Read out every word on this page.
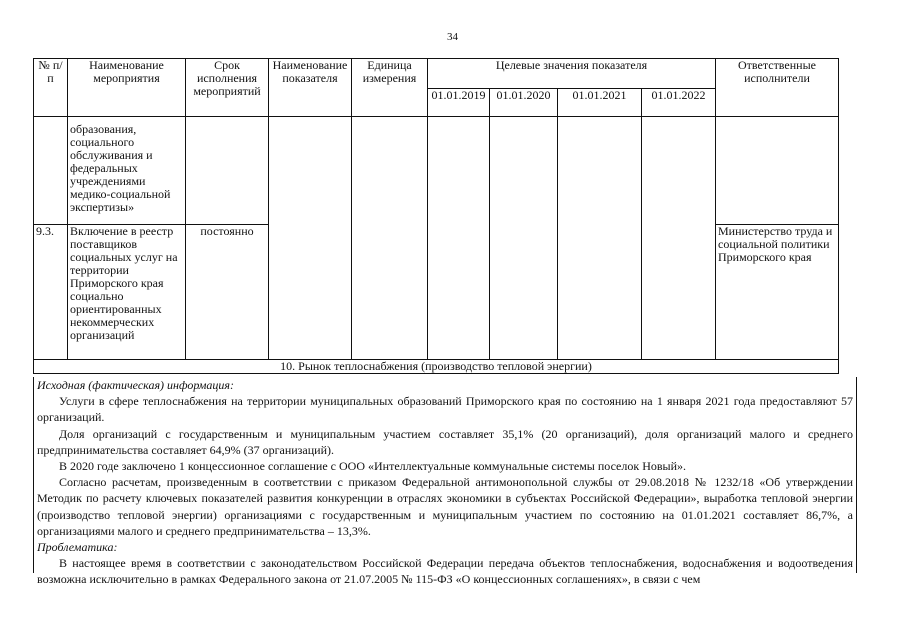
34
№ п/п	Наименование мероприятия	Срок исполнения мероприятий	Наименование показателя	Единица измерения	Целевые значения показателя				Ответственные исполнители
					01.01.2019	01.01.2020	01.01.2021	01.01.2022	
	образования, социального обслуживания и федеральных учреждениями медико-социальной экспертизы»								
9.3.	Включение в реестр поставщиков социальных услуг на территории Приморского края социально ориентированных некоммерческих организаций	постоянно							Министерство труда и социальной политики Приморского края
10. Рынок теплоснабжения (производство тепловой энергии)									

Исходная (фактическая) информация:

Услуги в сфере теплоснабжения на территории муниципальных образований Приморского края по состоянию на 1 января 2021 года предоставляют 57 организаций.

Доля организаций с государственным и муниципальным участием составляет 35,1% (20 организаций), доля организаций малого и среднего предпринимательства составляет 64,9% (37 организаций).

В 2020 годе заключено 1 концессионное соглашение с ООО «Интеллектуальные коммунальные системы поселок Новый».

Согласно расчетам, произведенным в соответствии с приказом Федеральной антимонопольной службы от 29.08.2018 № 1232/18 «Об утверждении Методик по расчету ключевых показателей развития конкуренции в отраслях экономики в субъектах Российской Федерации», выработка тепловой энергии (производство тепловой энергии) организациями с государственным и муниципальным участием по состоянию на 01.01.2021 составляет 86,7%, а организациями малого и среднего предпринимательства – 13,3%.

Проблематика:

В настоящее время в соответствии с законодательством Российской Федерации передача объектов теплоснабжения, водоснабжения и водоотведения возможна исключительно в рамках Федерального закона от 21.07.2005 № 115-ФЗ «О концессионных соглашениях», в связи с чем
